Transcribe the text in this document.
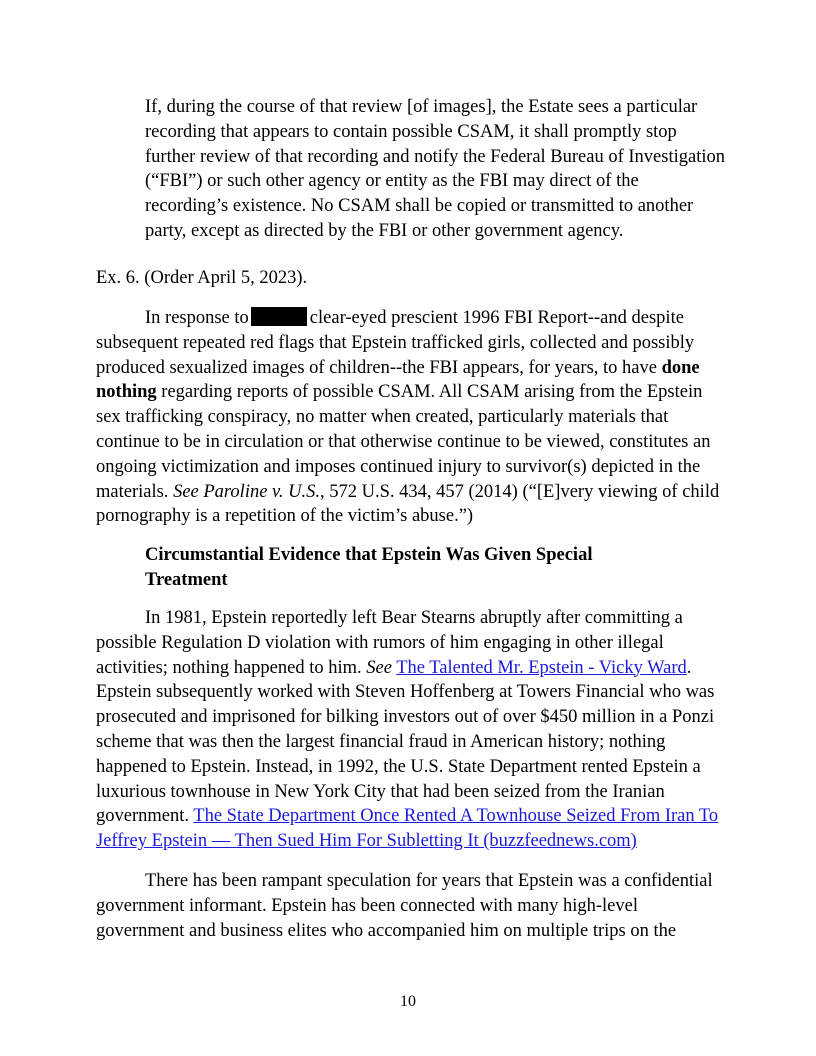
If, during the course of that review [of images], the Estate sees a particular recording that appears to contain possible CSAM, it shall promptly stop further review of that recording and notify the Federal Bureau of Investigation (“FBI”) or such other agency or entity as the FBI may direct of the recording’s existence. No CSAM shall be copied or transmitted to another party, except as directed by the FBI or other government agency.

Ex. 6. (Order April 5, 2023).
In response to	clear-eyed prescient 1996 FBI Report--and despite subsequent repeated red flags that Epstein trafficked girls, collected and possibly produced sexualized images of children--the FBI appears, for years, to have done nothing regarding reports of possible CSAM. All CSAM arising from the Epstein sex trafficking conspiracy, no matter when created, particularly materials that continue to be in circulation or that otherwise continue to be viewed, constitutes an ongoing victimization and imposes continued injury to survivor(s) depicted in the materials. See Paroline v. U.S., 572 U.S. 434, 457 (2014) (“[E]very viewing of child pornography is a repetition of the victim’s abuse.”)
Circumstantial Evidence that Epstein Was Given Special Treatment
In 1981, Epstein reportedly left Bear Stearns abruptly after committing a possible Regulation D violation with rumors of him engaging in other illegal activities; nothing happened to him. See The Talented Mr. Epstein - Vicky Ward. Epstein subsequently worked with Steven Hoffenberg at Towers Financial who was prosecuted and imprisoned for bilking investors out of over $450 million in a Ponzi scheme that was then the largest financial fraud in American history; nothing happened to Epstein. Instead, in 1992, the U.S. State Department rented Epstein a luxurious townhouse in New York City that had been seized from the Iranian government. The State Department Once Rented A Townhouse Seized From Iran To Jeffrey Epstein — Then Sued Him For Subletting It (buzzfeednews.com)
There has been rampant speculation for years that Epstein was a confidential government informant. Epstein has been connected with many high-level government and business elites who accompanied him on multiple trips on the
10
